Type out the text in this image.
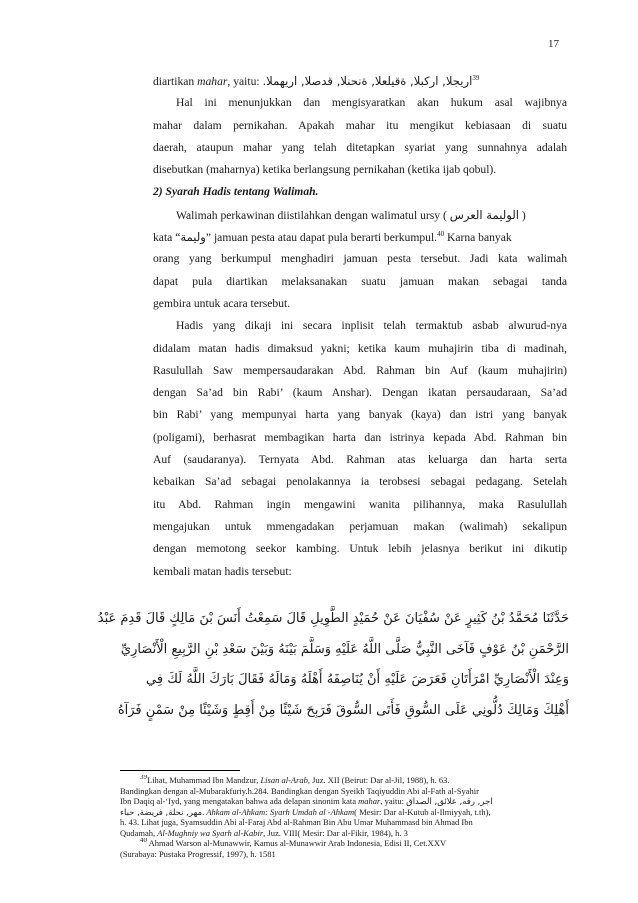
17
diartikan mahar, yaitu: اريجلا, اركبلا, ةقيلعلا, ةنحنلا, قدصلا, اريهملا.$^{39}$
Hal ini menunjukkan dan mengisyaratkan akan hukum asal wajibnya
mahar dalam pernikahan. Apakah mahar itu mengikut kebiasaan di suatu
daerah, ataupun mahar yang telah ditetapkan syariat yang sunnahnya adalah
disebutkan (maharnya) ketika berlangsung pernikahan (ketika ijab qobul).
2) Syarah Hadis tentang Walimah.
Walimah perkawinan diistilahkan dengan walimatul ursy ( الوليمة العرس )
kata “وليمة” jamuan pesta atau dapat pula berarti berkumpul.$^{40}$ Karna banyak
orang yang berkumpul menghadiri jamuan pesta tersebut. Jadi kata walimah
dapat pula diartikan melaksanakan suatu jamuan makan sebagai tanda
gembira untuk acara tersebut.
Hadis yang dikaji ini secara inplisit telah termaktub asbab alwurud-nya
didalam matan hadis dimaksud yakni; ketika kaum muhajirin tiba di madinah,
Rasulullah Saw mempersaudarakan Abd. Rahman bin Auf (kaum muhajirin)
dengan Sa’ad bin Rabi’ (kaum Anshar). Dengan ikatan persaudaraan, Sa’ad
bin Rabi’ yang mempunyai harta yang banyak (kaya) dan istri yang banyak
(poligami), berhasrat membagikan harta dan istrinya kepada Abd. Rahman bin
Auf (saudaranya). Ternyata Abd. Rahman atas keluarga dan harta serta
kebaikan Sa’ad sebagai penolakannya ia terobsesi sebagai pedagang. Setelah
itu Abd. Rahman ingin mengawini wanita pilihannya, maka Rasulullah
mengajukan untuk mmengadakan perjamuan makan (walimah) sekalipun
dengan memotong seekor kambing. Untuk lebih jelasnya berikut ini dikutip
kembali matan hadis tersebut:
حَدَّثَنَا مُحَمَّدُ بْنُ كَثِيرٍ عَنْ سُفْيَانَ عَنْ حُمَيْدٍ الطَّوِيلِ قَالَ سَمِعْتُ أَنَسَ بْنَ مَالِكٍ قَالَ قَدِمَ عَبْدُ
الرَّحْمَنِ بْنُ عَوْفٍ فَآخَى النَّبِيُّ صَلَّى اللَّهُ عَلَيْهِ وَسَلَّمَ بَيْنَهُ وَبَيْنَ سَعْدِ بْنِ الرَّبِيعِ الْأَنْصَارِيِّ
وَعِنْدَ الْأَنْصَارِيِّ امْرَأَتَانِ فَعَرَضَ عَلَيْهِ أَنْ يُنَاصِفَهُ أَهْلَهُ وَمَالَهُ فَقَالَ بَارَكَ اللَّهُ لَكَ فِي
أَهْلِكَ وَمَالِكَ دُلُّونِي عَلَى السُّوقِ فَأَتَى السُّوقَ فَرَبِحَ شَيْئًا مِنْ أَقِطٍ وَشَيْئًا مِنْ سَمْنٍ فَرَآهُ
$^{39}$Lihat, Muhammad Ibn Mandzur, Lisan al-Arab, Juz. XII (Beirut: Dar al-Jil, 1988), h. 63.
Bandingkan dengan al-Mubarakfuriy.h.284. Bandingkan dengan Syeikh Taqiyuddin Abi al-Fath al-Syahir
Ibn Daqiq al-‘Iyd, yang mengatakan bahwa ada delapan sinonim kata mahar, yaitu: اجر, رقه, علائق, الصداق
مهر, نحلة, فريضة, حباء. Ahkam al-Ahkam: Syarh Umdah al -Ahkam( Mesir: Dar al-Kutub al-Ilmiyyah, t.th),
h. 43. Lihat juga, Syamsuddin Abi al-Faraj Abd al-Rahman Bin Abu Umar Muhammasd bin Ahmad Ibn
Qudamah, Al-Mughniy wa Syarh al-Kabir, Juz. VIII( Mesir: Dar al-Fikir, 1984), h. 3
$^{40}$ Ahmad Warson al-Munawwir, Kamus al-Munawwir Arab Indonesia, Edisi II, Cet.XXV
(Surabaya: Pustaka Progressif, 1997), h. 1581
